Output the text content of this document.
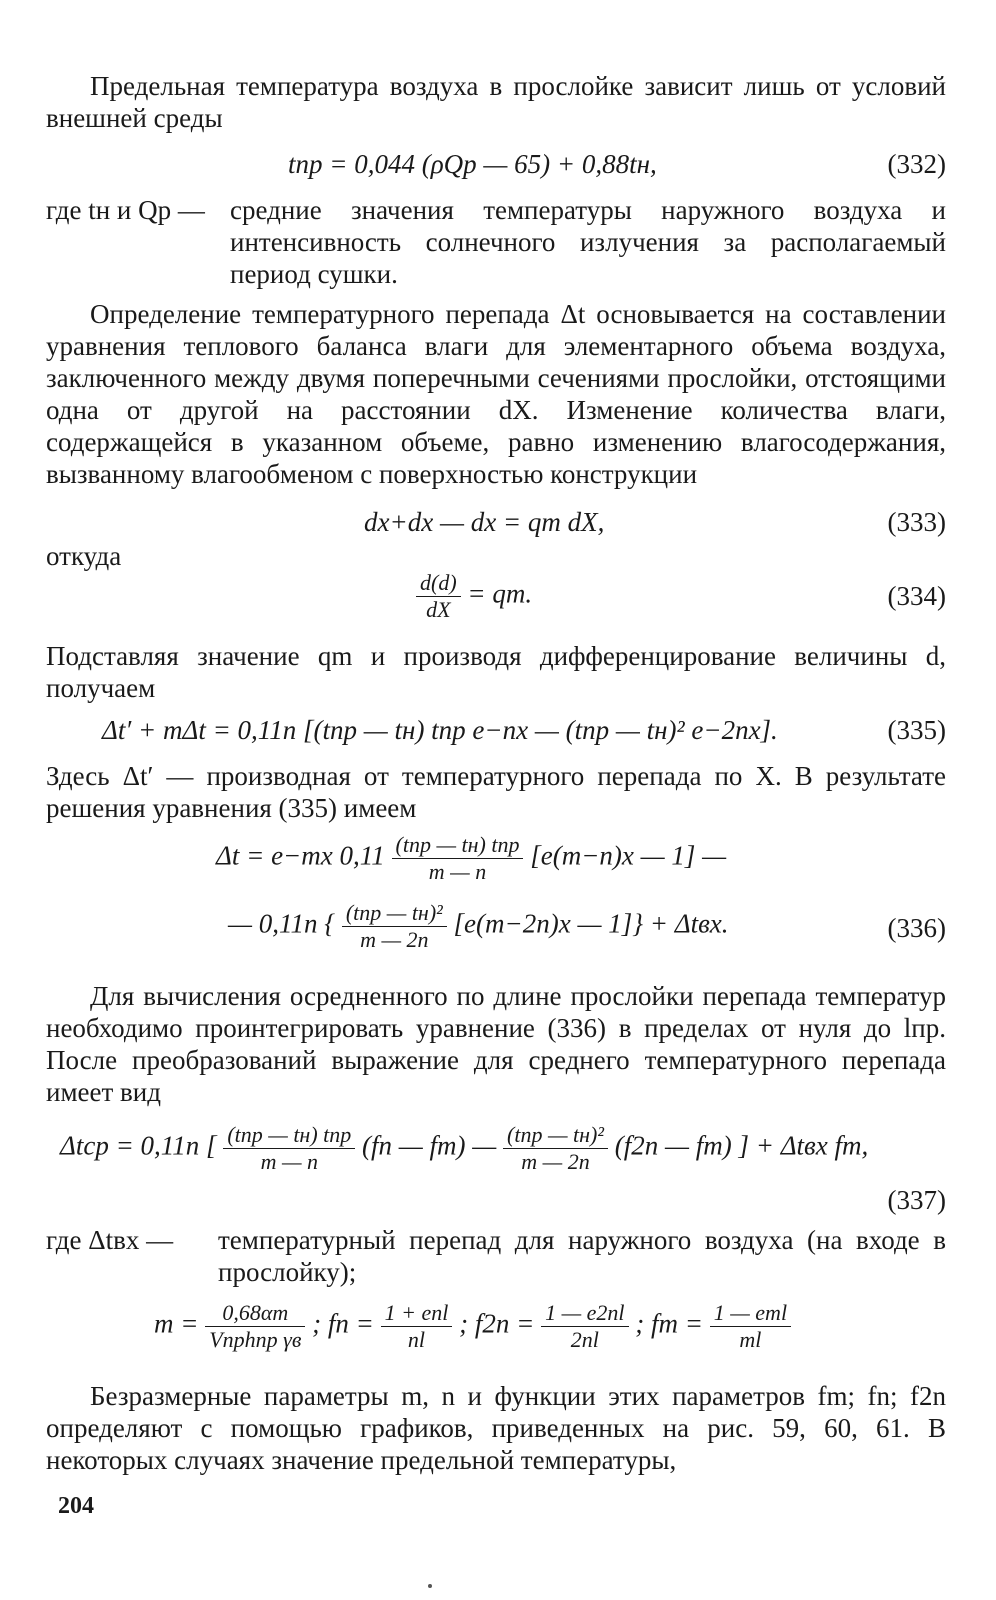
Предельная температура воздуха в прослойке зависит лишь от условий внешней среды

tпр = 0,044 (ρQp — 65) + 0,88tн,	(332)
где tн и Qp — средние значения температуры наружного воздуха и интенсивность солнечного излучения за располагаемый период сушки.

Определение температурного перепада Δt основывается на составлении уравнения теплового баланса влаги для элементарного объема воздуха, заключенного между двумя поперечными сечениями прослойки, отстоящими одна от другой на расстоянии dX. Изменение количества влаги, содержащейся в указанном объеме, равно изменению влагосодержания, вызванному влагообменом с поверхностью конструкции

dx+dx — dx = qm dX,	(333)
откуда
$\frac{d(d)}{dX}$ = qm.	(334)

Подставляя значение qm и производя дифференцирование величины d, получаем

Δt′ + mΔt = 0,11n [(tпр — tн) tпр e−nx — (tпр — tн)² e−2nx].	(335)

Здесь Δt′ — производная от температурного перепада по X. В результате решения уравнения (335) имеем

Δt = e−mx $0,11 \frac{\text{(tпр — tн) tпр}}{m — n} [e(m-n)x$ — 1] —
— 0,11n { $\frac{\text{(tпр — tн)²}}{m — 2n} [e(m-2n)x$ — 1]} + Δtвх.	(336)

Для вычисления осредненного по длине прослойки перепада температур необходимо проинтегрировать уравнение (336) в пределах от нуля до lпр. После преобразований выражение для среднего температурного перепада имеет вид

Δtср = 0,11n [ $\frac{\text{(tпр — tн) tпр}}{m — n} (fn$ — fm) — $\frac{\text{(tпр — tн)²}}{m — 2n} (f2n$ — fm) ] + Δtвх fm,
(337)
где Δtвх —	температурный перепад для наружного воздуха (на входе в прослойку);
$m = \frac{0,68\alpha m}{\text{Vпрhпр γв}}$ ; fn = $\frac{\text{1 + enl}}{nl}$ ; $f2n = \frac{1 — e2nl}{2nl}$ ; fm = $\frac{\text{1 — eml}}{ml}$

Безразмерные параметры m, n и функции этих параметров fm; fn; f2n определяют с помощью графиков, приведенных на рис. 59, 60, 61. В некоторых случаях значение предельной температуры,

204
